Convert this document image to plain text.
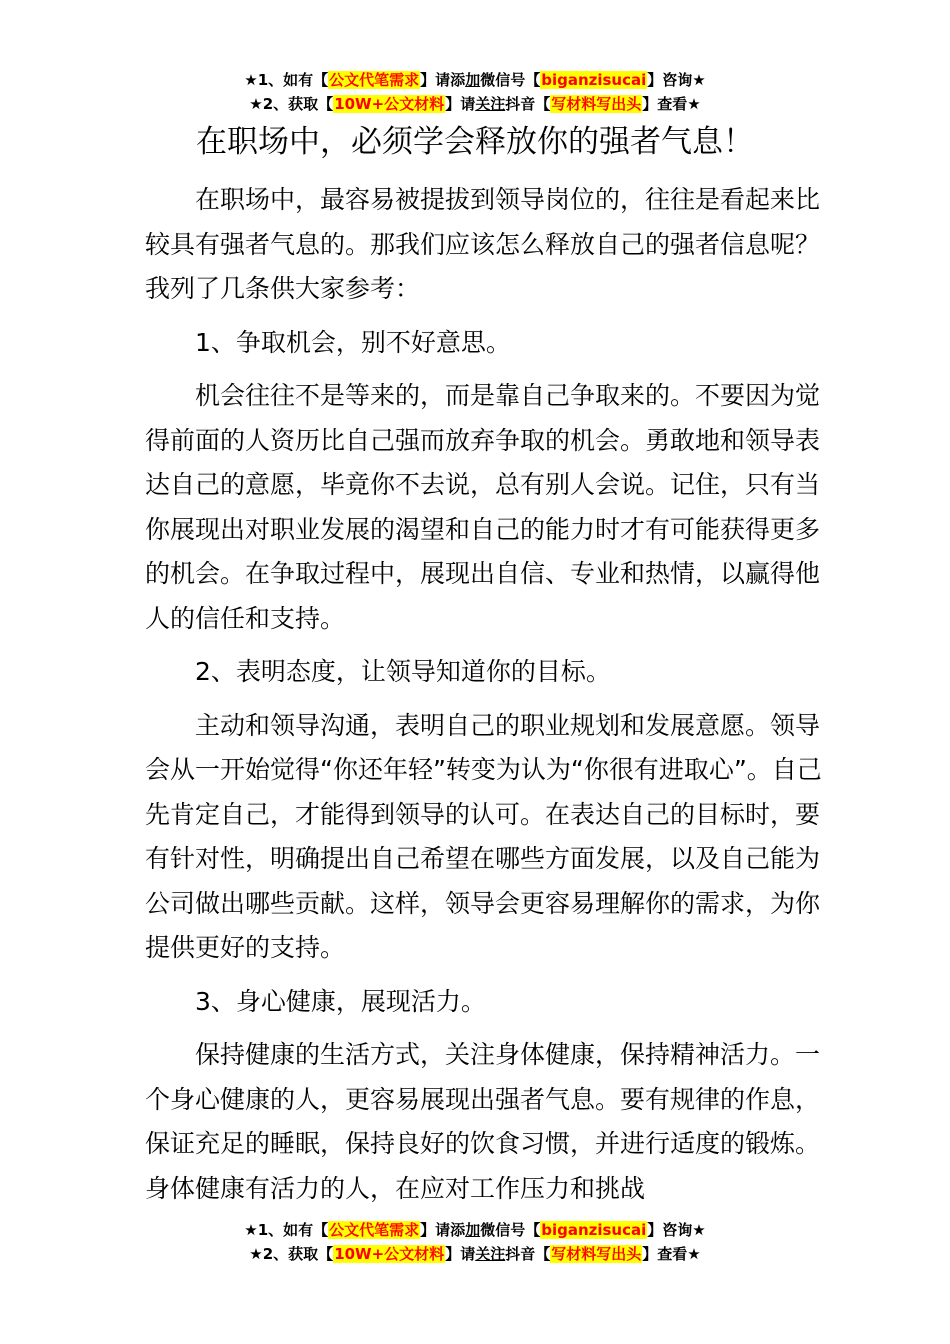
★1、如有【公文代笔需求】请添加微信号【biganzisucai】咨询★
★2、获取【10W+公文材料】请关注抖音【写材料写出头】查看★
在职场中，必须学会释放你的强者气息！

在职场中，最容易被提拔到领导岗位的，往往是看起来比较具有强者气息的。那我们应该怎么释放自己的强者信息呢？我列了几条供大家参考：

1、争取机会，别不好意思。

机会往往不是等来的，而是靠自己争取来的。不要因为觉得前面的人资历比自己强而放弃争取的机会。勇敢地和领导表达自己的意愿，毕竟你不去说，总有别人会说。记住，只有当你展现出对职业发展的渴望和自己的能力时才有可能获得更多的机会。在争取过程中，展现出自信、专业和热情，以赢得他人的信任和支持。

2、表明态度，让领导知道你的目标。

主动和领导沟通，表明自己的职业规划和发展意愿。领导会从一开始觉得“你还年轻”转变为认为“你很有进取心”。自己先肯定自己，才能得到领导的认可。在表达自己的目标时，要有针对性，明确提出自己希望在哪些方面发展，以及自己能为公司做出哪些贡献。这样，领导会更容易理解你的需求，为你提供更好的支持。

3、身心健康，展现活力。

保持健康的生活方式，关注身体健康，保持精神活力。一个身心健康的人，更容易展现出强者气息。要有规律的作息，保证充足的睡眠，保持良好的饮食习惯，并进行适度的锻炼。身体健康有活力的人，在应对工作压力和挑战

★1、如有【公文代笔需求】请添加微信号【biganzisucai】咨询★
★2、获取【10W+公文材料】请关注抖音【写材料写出头】查看★
